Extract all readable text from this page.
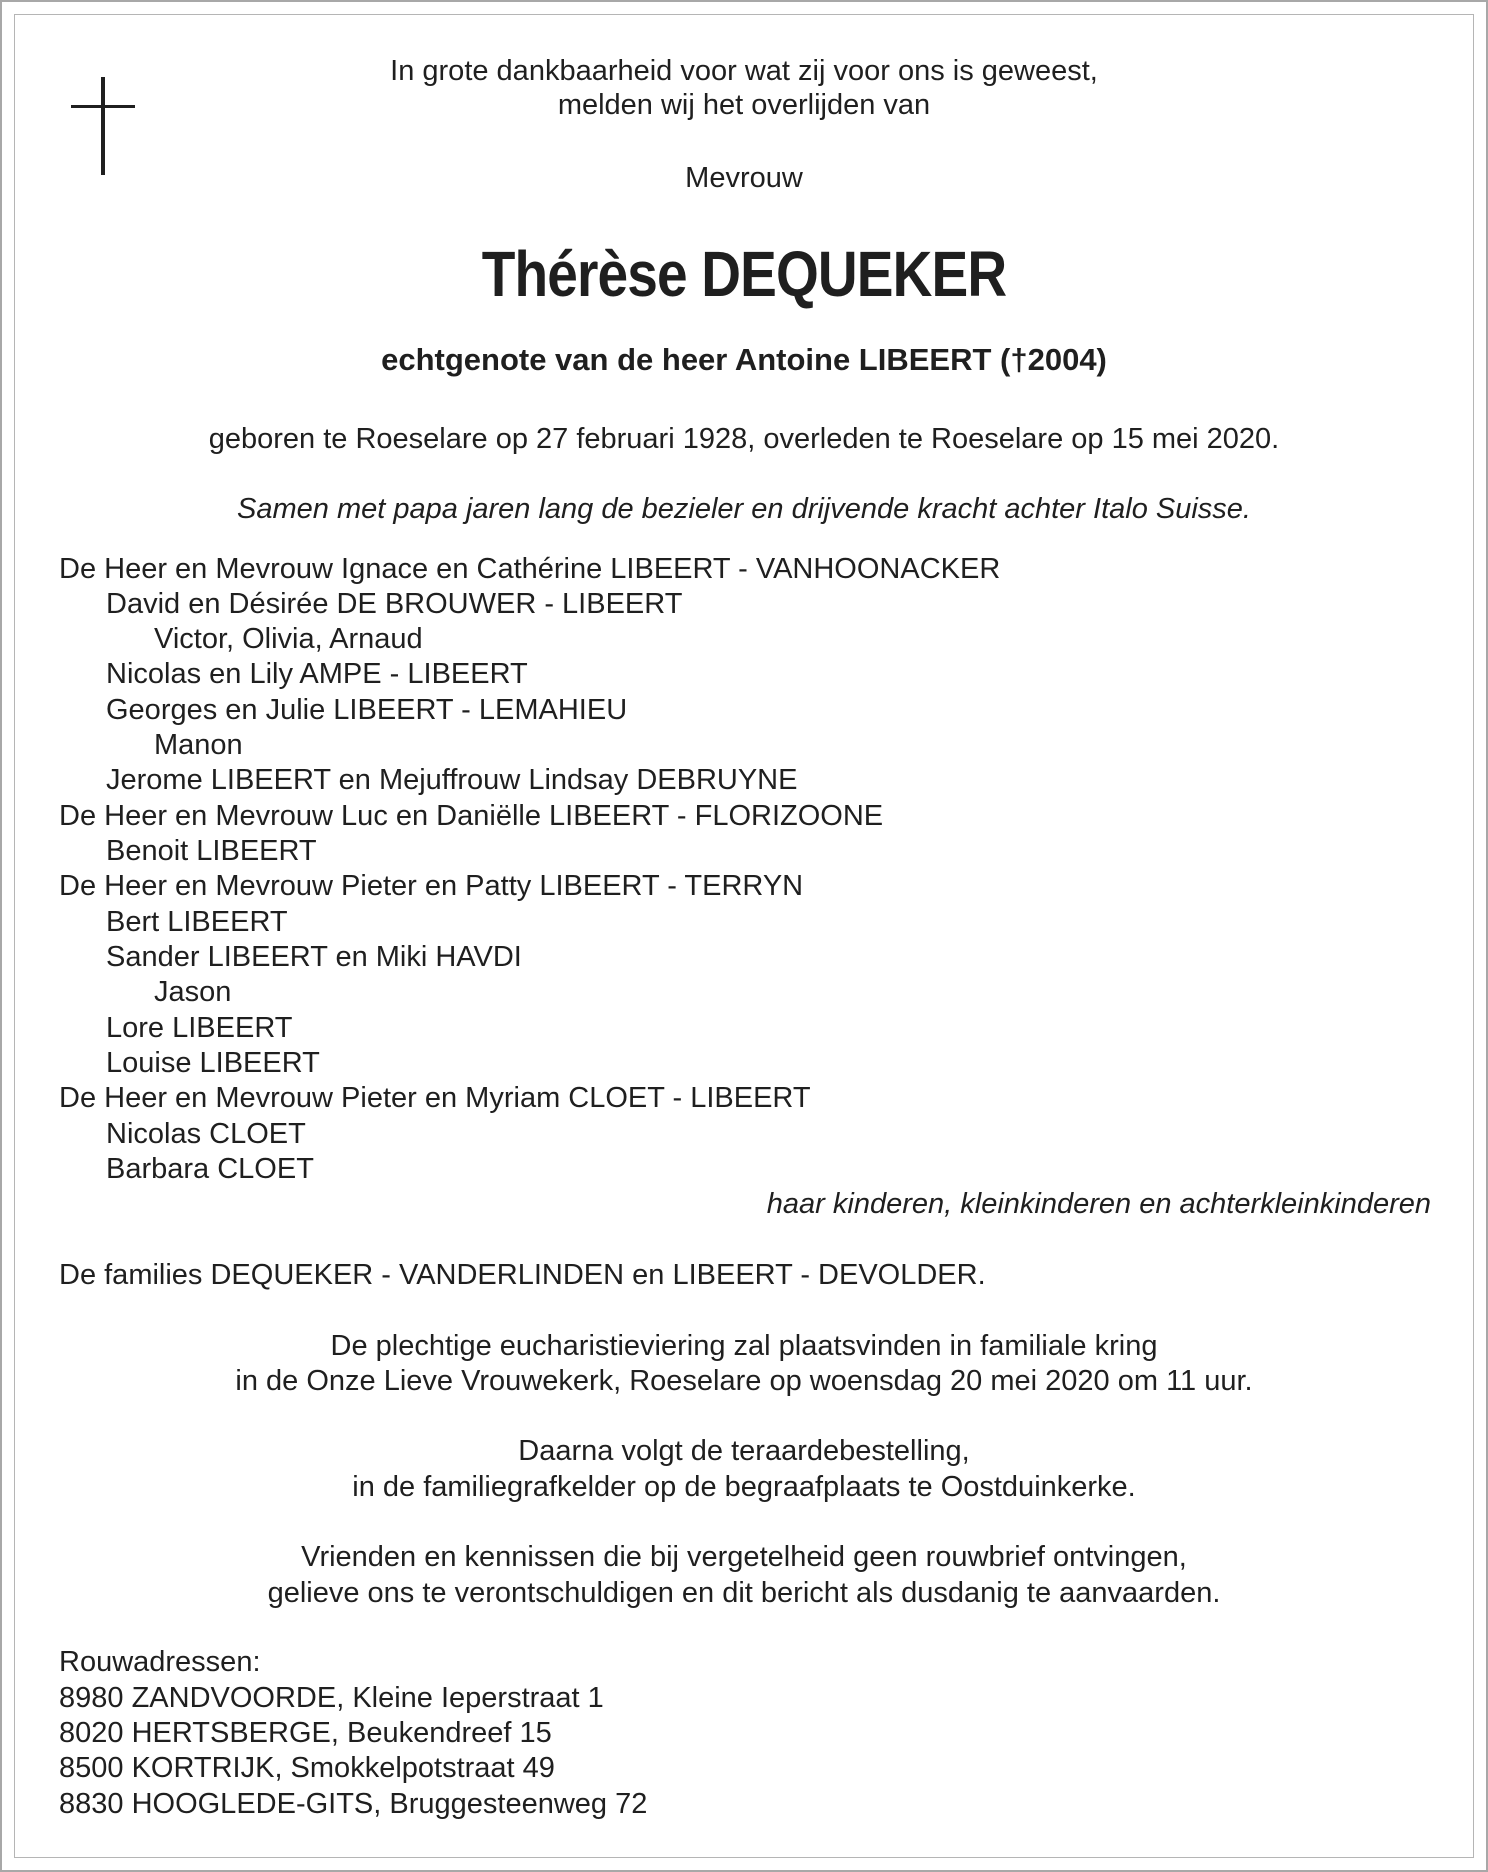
In grote dankbaarheid voor wat zij voor ons is geweest,
melden wij het overlijden van
Mevrouw
Thérèse DEQUEKER
echtgenote van de heer Antoine LIBEERT (†2004)
geboren te Roeselare op 27 februari 1928, overleden te Roeselare op 15 mei 2020.
Samen met papa jaren lang de bezieler en drijvende kracht achter Italo Suisse.
De Heer en Mevrouw Ignace en Cathérine LIBEERT - VANHOONACKER
David en Désirée DE BROUWER - LIBEERT
Victor, Olivia, Arnaud
Nicolas en Lily AMPE - LIBEERT
Georges en Julie LIBEERT - LEMAHIEU
Manon
Jerome LIBEERT en Mejuffrouw Lindsay DEBRUYNE
De Heer en Mevrouw Luc en Daniëlle LIBEERT - FLORIZOONE
Benoit LIBEERT
De Heer en Mevrouw Pieter en Patty LIBEERT - TERRYN
Bert LIBEERT
Sander LIBEERT en Miki HAVDI
Jason
Lore LIBEERT
Louise LIBEERT
De Heer en Mevrouw Pieter en Myriam CLOET - LIBEERT
Nicolas CLOET
Barbara CLOET
haar kinderen, kleinkinderen en achterkleinkinderen
De families DEQUEKER - VANDERLINDEN en LIBEERT - DEVOLDER.
De plechtige eucharistieviering zal plaatsvinden in familiale kring
in de Onze Lieve Vrouwekerk, Roeselare op woensdag 20 mei 2020 om 11 uur.
Daarna volgt de teraardebestelling,
in de familiegrafkelder op de begraafplaats te Oostduinkerke.
Vrienden en kennissen die bij vergetelheid geen rouwbrief ontvingen,
gelieve ons te verontschuldigen en dit bericht als dusdanig te aanvaarden.
Rouwadressen:
8980 ZANDVOORDE, Kleine Ieperstraat 1
8020 HERTSBERGE, Beukendreef 15
8500 KORTRIJK, Smokkelpotstraat 49
8830 HOOGLEDE-GITS, Bruggesteenweg 72
